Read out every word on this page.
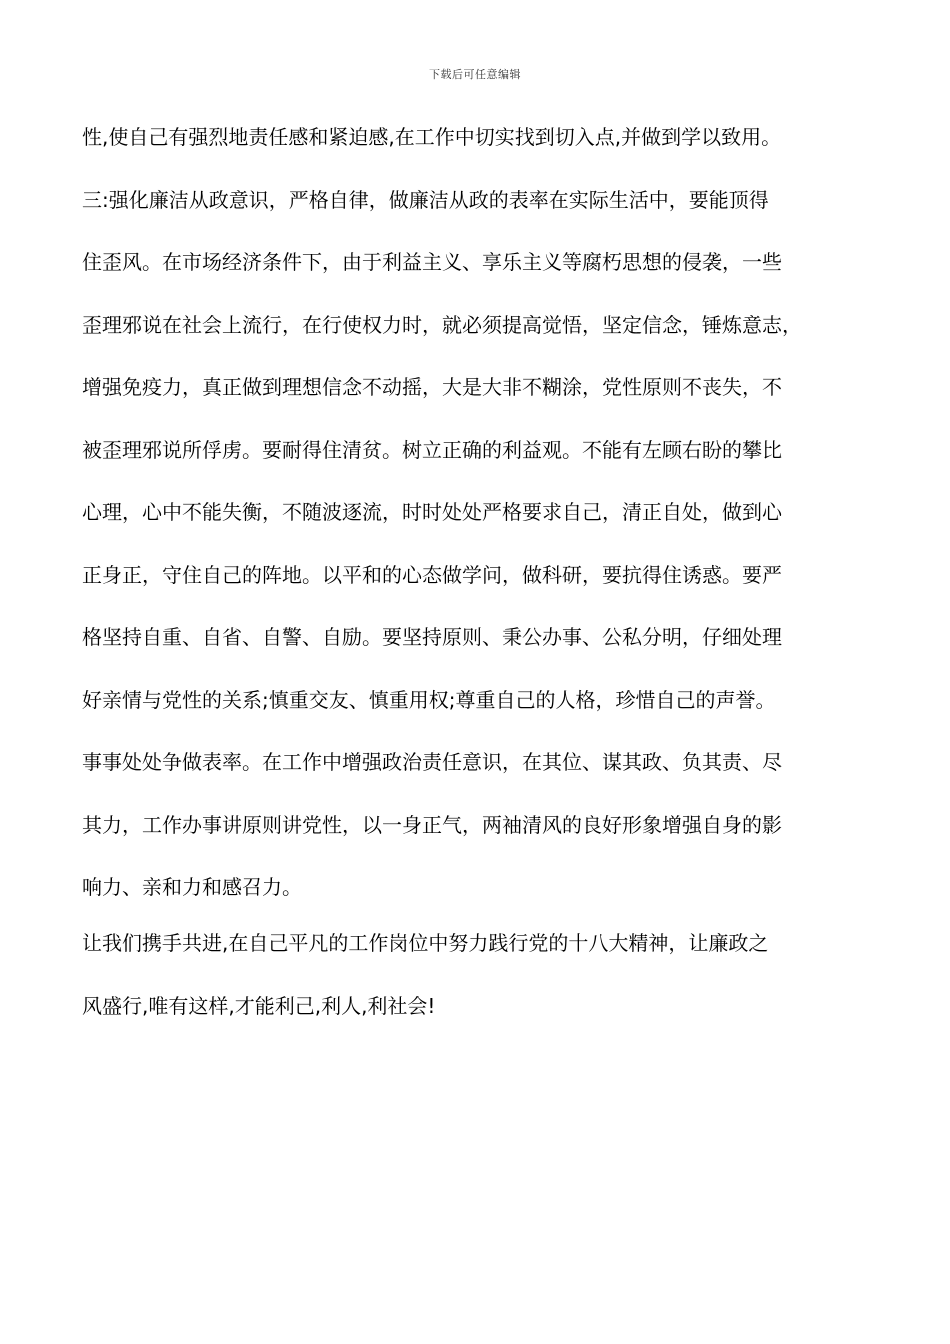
下载后可任意编辑
性,使自己有强烈地责任感和紧迫感,在工作中切实找到切入点,并做到学以致用。
三:强化廉洁从政意识，严格自律，做廉洁从政的表率在实际生活中，要能顶得
住歪风。在市场经济条件下，由于利益主义、享乐主义等腐朽思想的侵袭，一些
歪理邪说在社会上流行，在行使权力时，就必须提高觉悟，坚定信念，锤炼意志，
增强免疫力，真正做到理想信念不动摇，大是大非不糊涂，党性原则不丧失，不
被歪理邪说所俘虏。要耐得住清贫。树立正确的利益观。不能有左顾右盼的攀比
心理，心中不能失衡，不随波逐流，时时处处严格要求自己，清正自处，做到心
正身正，守住自己的阵地。以平和的心态做学问，做科研，要抗得住诱惑。要严
格坚持自重、自省、自警、自励。要坚持原则、秉公办事、公私分明，仔细处理
好亲情与党性的关系;慎重交友、慎重用权;尊重自己的人格，珍惜自己的声誉。
事事处处争做表率。在工作中增强政治责任意识，在其位、谋其政、负其责、尽
其力，工作办事讲原则讲党性，以一身正气，两袖清风的良好形象增强自身的影
响力、亲和力和感召力。
让我们携手共进,在自己平凡的工作岗位中努力践行党的十八大精神，让廉政之
风盛行,唯有这样,才能利己,利人,利社会!
